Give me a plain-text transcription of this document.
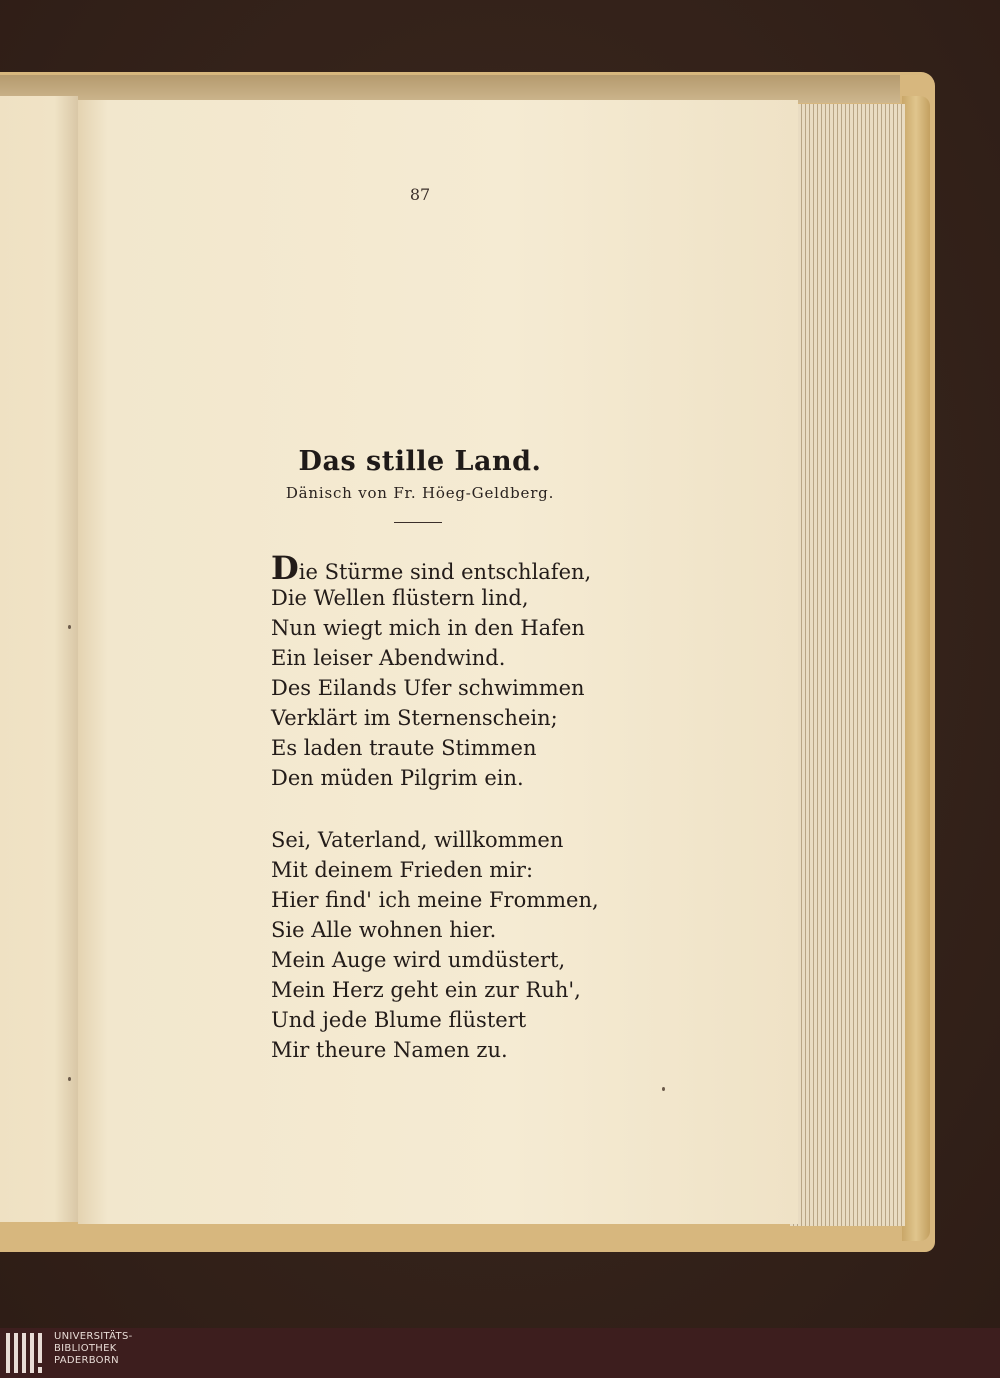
87
Das stille Land.
Dänisch von Fr. Höeg-Geldberg.
Die Stürme sind entschlafen,
Die Wellen flüstern lind,
Nun wiegt mich in den Hafen
Ein leiser Abendwind.
Des Eilands Ufer schwimmen
Verklärt im Sternenschein;
Es laden traute Stimmen
Den müden Pilgrim ein.
Sei, Vaterland, willkommen
Mit deinem Frieden mir:
Hier find' ich meine Frommen,
Sie Alle wohnen hier.
Mein Auge wird umdüstert,
Mein Herz geht ein zur Ruh',
Und jede Blume flüstert
Mir theure Namen zu.
UNIVERSITÄTS-
BIBLIOTHEK
PADERBORN
